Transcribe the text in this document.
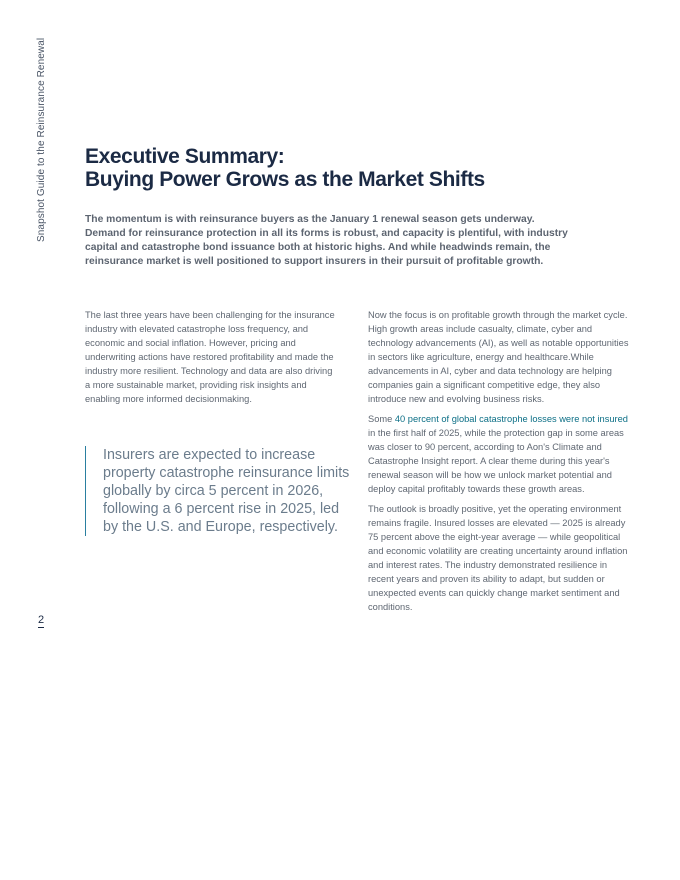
Snapshot Guide to the Reinsurance Renewal
2
Executive Summary:
Buying Power Grows as the Market Shifts

The momentum is with reinsurance buyers as the January 1 renewal season gets underway. Demand for reinsurance protection in all its forms is robust, and capacity is plentiful, with industry capital and catastrophe bond issuance both at historic highs. And while headwinds remain, the reinsurance market is well positioned to support insurers in their pursuit of profitable growth.

The last three years have been challenging for the insurance industry with elevated catastrophe loss frequency, and economic and social inflation. However, pricing and underwriting actions have restored profitability and made the industry more resilient. Technology and data are also driving a more sustainable market, providing risk insights and enabling more informed decisionmaking.

Insurers are expected to increase property catastrophe reinsurance limits globally by circa 5 percent in 2026, following a 6 percent rise in 2025, led by the U.S. and Europe, respectively.

Now the focus is on profitable growth through the market cycle. High growth areas include casualty, climate, cyber and technology advancements (AI), as well as notable opportunities in sectors like agriculture, energy and healthcare.While advancements in AI, cyber and data technology are helping companies gain a significant competitive edge, they also introduce new and evolving business risks.

Some 40 percent of global catastrophe losses were not insured in the first half of 2025, while the protection gap in some areas was closer to 90 percent, according to Aon's Climate and Catastrophe Insight report. A clear theme during this year's renewal season will be how we unlock market potential and deploy capital profitably towards these growth areas.

The outlook is broadly positive, yet the operating environment remains fragile. Insured losses are elevated — 2025 is already 75 percent above the eight-year average — while geopolitical and economic volatility are creating uncertainty around inflation and interest rates. The industry demonstrated resilience in recent years and proven its ability to adapt, but sudden or unexpected events can quickly change market sentiment and conditions.
